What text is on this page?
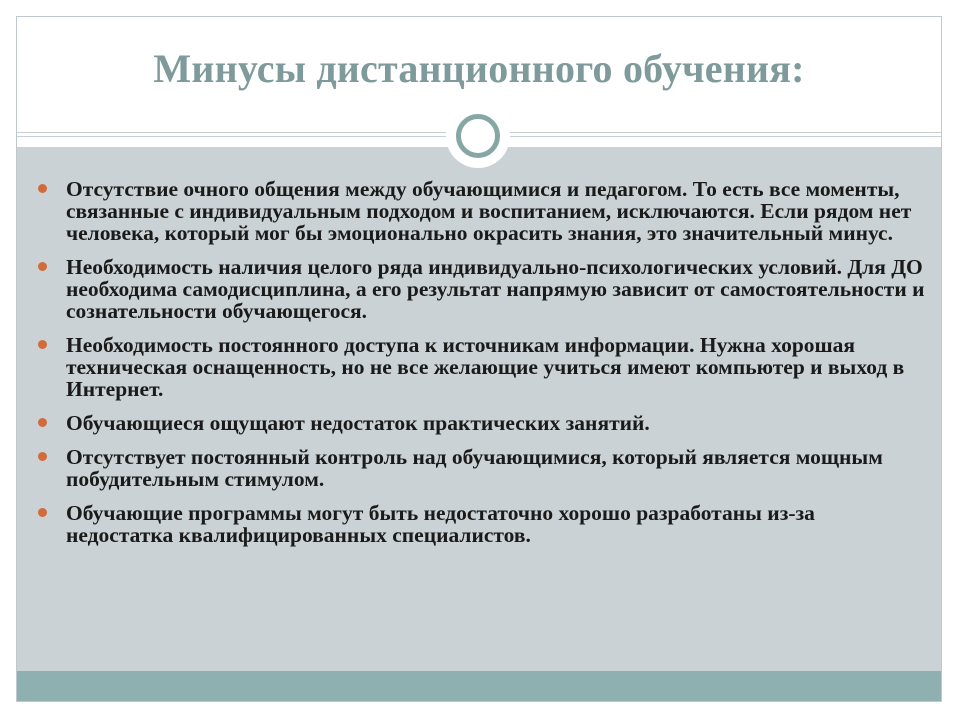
Минусы дистанционного обучения:
Отсутствие очного общения между обучающимися и педагогом. То есть все моменты, связанные с индивидуальным подходом и воспитанием, исключаются. Если рядом нет человека, который мог бы эмоционально окрасить знания, это значительный минус.
Необходимость наличия целого ряда индивидуально-психологических условий. Для ДО необходима самодисциплина, а его результат напрямую зависит от самостоятельности и сознательности обучающегося.
Необходимость постоянного доступа к источникам информации. Нужна хорошая техническая оснащенность, но не все желающие учиться имеют компьютер и выход в Интернет.
Обучающиеся ощущают недостаток практических занятий.
Отсутствует постоянный контроль над обучающимися, который является мощным побудительным стимулом.
Обучающие программы могут быть недостаточно хорошо разработаны из-за недостатка квалифицированных специалистов.
